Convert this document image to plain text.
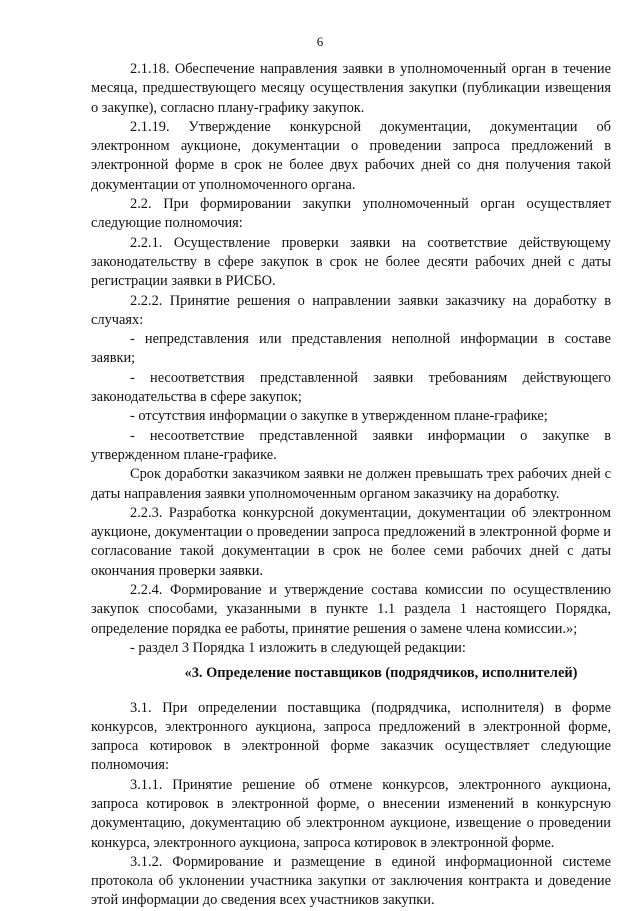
6

2.1.18. Обеспечение направления заявки в уполномоченный орган в течение месяца, предшествующего месяцу осуществления закупки (публикации извещения о закупке), согласно плану-графику закупок.

2.1.19. Утверждение конкурсной документации, документации об электронном аукционе, документации о проведении запроса предложений в электронной форме в срок не более двух рабочих дней со дня получения такой документации от уполномоченного органа.

2.2. При формировании закупки уполномоченный орган осуществляет следующие полномочия:

2.2.1. Осуществление проверки заявки на соответствие действующему законодательству в сфере закупок в срок не более десяти рабочих дней с даты регистрации заявки в РИСБО.

2.2.2. Принятие решения о направлении заявки заказчику на доработку в случаях:

- непредставления или представления неполной информации в составе заявки;

- несоответствия представленной заявки требованиям действующего законодательства в сфере закупок;

- отсутствия информации о закупке в утвержденном плане-графике;

- несоответствие представленной заявки информации о закупке в утвержденном плане-графике.

Срок доработки заказчиком заявки не должен превышать трех рабочих дней с даты направления заявки уполномоченным органом заказчику на доработку.

2.2.3. Разработка конкурсной документации, документации об электронном аукционе, документации о проведении запроса предложений в электронной форме и согласование такой документации в срок не более семи рабочих дней с даты окончания проверки заявки.

2.2.4. Формирование и утверждение состава комиссии по осуществлению закупок способами, указанными в пункте 1.1 раздела 1 настоящего Порядка, определение порядка ее работы, принятие решения о замене члена комиссии.»;

- раздел 3 Порядка 1 изложить в следующей редакции:

«3. Определение поставщиков (подрядчиков, исполнителей)

3.1. При определении поставщика (подрядчика, исполнителя) в форме конкурсов, электронного аукциона, запроса предложений в электронной форме, запроса котировок в электронной форме заказчик осуществляет следующие полномочия:

3.1.1. Принятие решение об отмене конкурсов, электронного аукциона, запроса котировок в электронной форме, о внесении изменений в конкурсную документацию, документацию об электронном аукционе, извещение о проведении конкурса, электронного аукциона, запроса котировок в электронной форме.

3.1.2. Формирование и размещение в единой информационной системе протокола об уклонении участника закупки от заключения контракта и доведение этой информации до сведения всех участников закупки.
